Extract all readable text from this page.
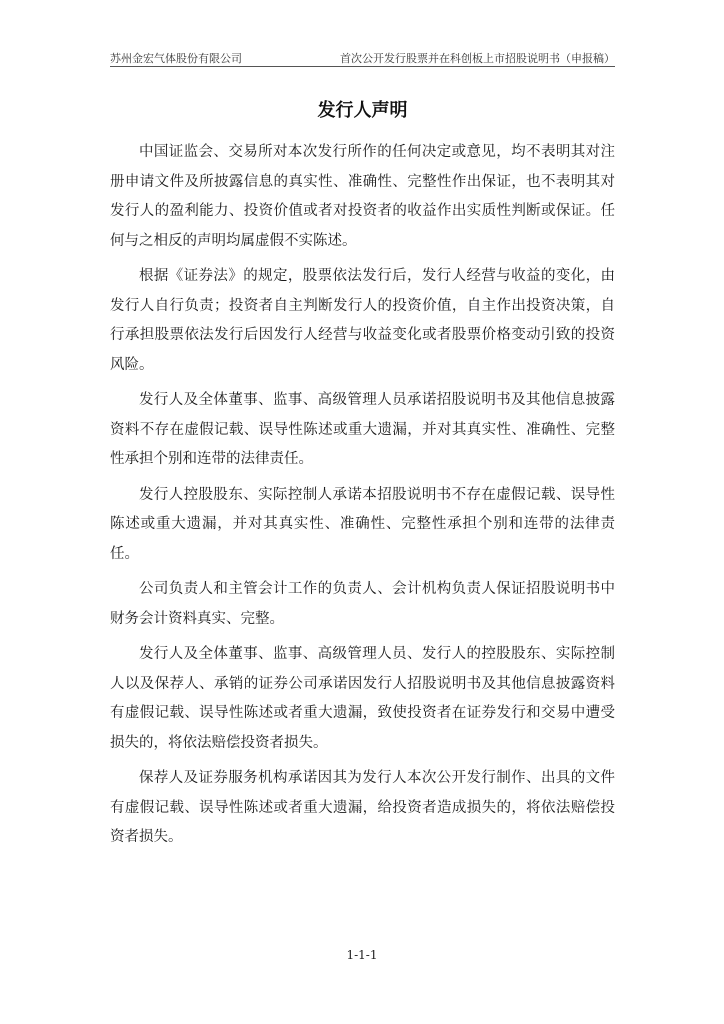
苏州金宏气体股份有限公司	首次公开发行股票并在科创板上市招股说明书（申报稿）
发行人声明

中国证监会、交易所对本次发行所作的任何决定或意见，均不表明其对注册申请文件及所披露信息的真实性、准确性、完整性作出保证，也不表明其对发行人的盈利能力、投资价值或者对投资者的收益作出实质性判断或保证。任何与之相反的声明均属虚假不实陈述。

根据《证券法》的规定，股票依法发行后，发行人经营与收益的变化，由发行人自行负责；投资者自主判断发行人的投资价值，自主作出投资决策，自行承担股票依法发行后因发行人经营与收益变化或者股票价格变动引致的投资风险。

发行人及全体董事、监事、高级管理人员承诺招股说明书及其他信息披露资料不存在虚假记载、误导性陈述或重大遗漏，并对其真实性、准确性、完整性承担个别和连带的法律责任。

发行人控股股东、实际控制人承诺本招股说明书不存在虚假记载、误导性陈述或重大遗漏，并对其真实性、准确性、完整性承担个别和连带的法律责任。

公司负责人和主管会计工作的负责人、会计机构负责人保证招股说明书中财务会计资料真实、完整。

发行人及全体董事、监事、高级管理人员、发行人的控股股东、实际控制人以及保荐人、承销的证券公司承诺因发行人招股说明书及其他信息披露资料有虚假记载、误导性陈述或者重大遗漏，致使投资者在证券发行和交易中遭受损失的，将依法赔偿投资者损失。

保荐人及证券服务机构承诺因其为发行人本次公开发行制作、出具的文件有虚假记载、误导性陈述或者重大遗漏，给投资者造成损失的，将依法赔偿投资者损失。

1-1-1
